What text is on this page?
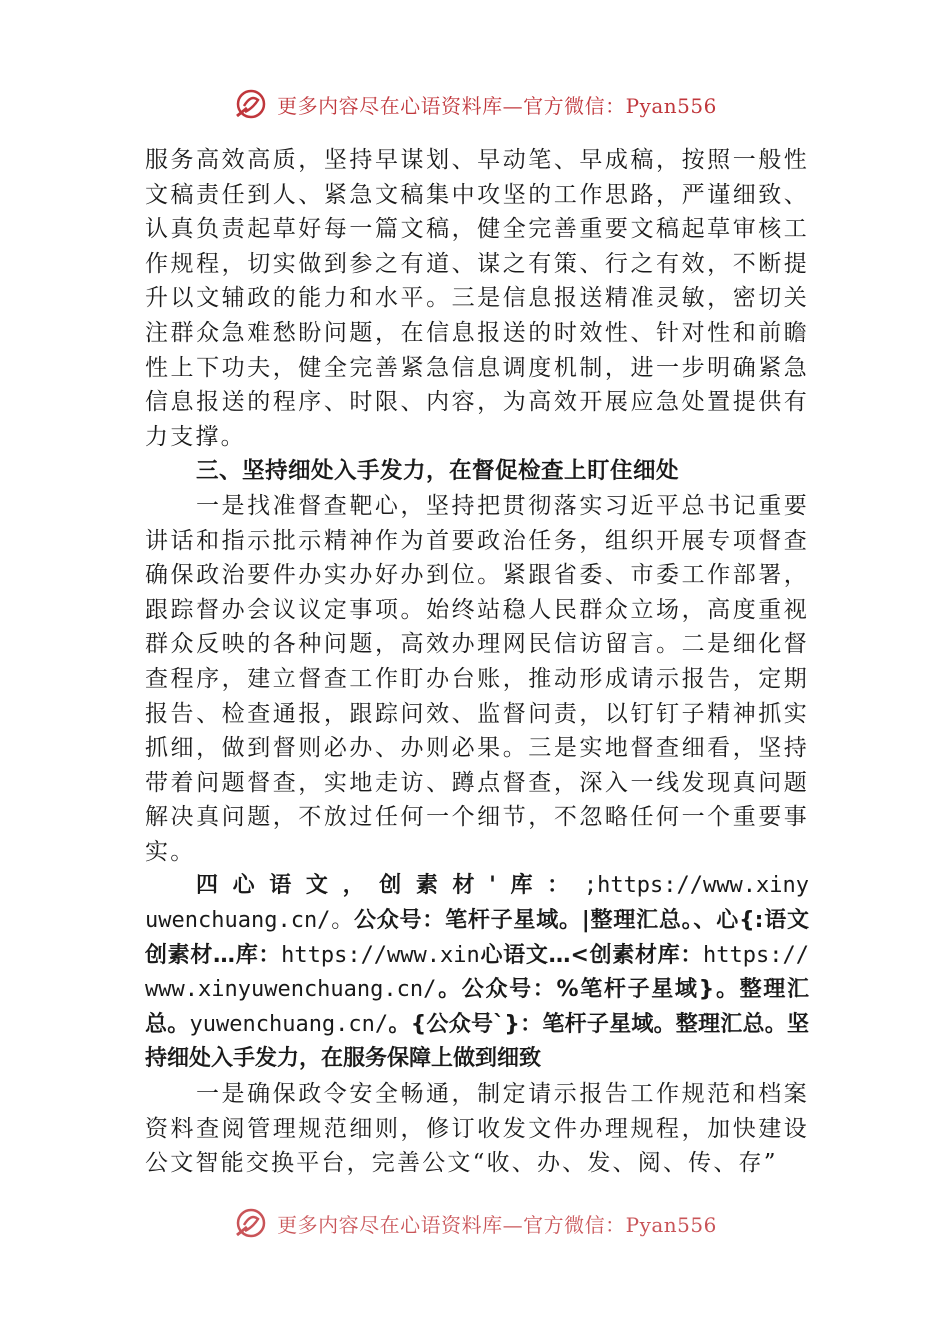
更多内容尽在心语资料库—官方微信：Pyan556

服务高效高质，坚持早谋划、早动笔、早成稿，按照一般性文稿责任到人、紧急文稿集中攻坚的工作思路，严谨细致、认真负责起草好每一篇文稿，健全完善重要文稿起草审核工作规程，切实做到参之有道、谋之有策、行之有效，不断提升以文辅政的能力和水平。三是信息报送精准灵敏，密切关注群众急难愁盼问题，在信息报送的时效性、针对性和前瞻性上下功夫，健全完善紧急信息调度机制，进一步明确紧急信息报送的程序、时限、内容，为高效开展应急处置提供有力支撑。

三、坚持细处入手发力，在督促检查上盯住细处

一是找准督查靶心，坚持把贯彻落实习近平总书记重要讲话和指示批示精神作为首要政治任务，组织开展专项督查确保政治要件办实办好办到位。紧跟省委、市委工作部署，跟踪督办会议议定事项。始终站稳人民群众立场，高度重视群众反映的各种问题，高效办理网民信访留言。二是细化督查程序，建立督查工作盯办台账，推动形成请示报告，定期报告、检查通报，跟踪问效、监督问责，以钉钉子精神抓实抓细，做到督则必办、办则必果。三是实地督查细看，坚持带着问题督查，实地走访、蹲点督查，深入一线发现真问题解决真问题，不放过任何一个细节，不忽略任何一个重要事实。

四心语文，创素材'库：;https://www.xinyuwenchuang.cn/。公众号：笔杆子星域。|整理汇总。、心{:语文创素材…库：https://www.xin心语文…<创素材库：https://www.xinyuwenchuang.cn/。公众号：%笔杆子星域}。整理汇总。yuwenchuang.cn/。{公众号`}：笔杆子星域。整理汇总。坚持细处入手发力，在服务保障上做到细致

一是确保政令安全畅通，制定请示报告工作规范和档案资料查阅管理规范细则，修订收发文件办理规程，加快建设公文智能交换平台，完善公文“收、办、发、阅、传、存”

更多内容尽在心语资料库—官方微信：Pyan556
